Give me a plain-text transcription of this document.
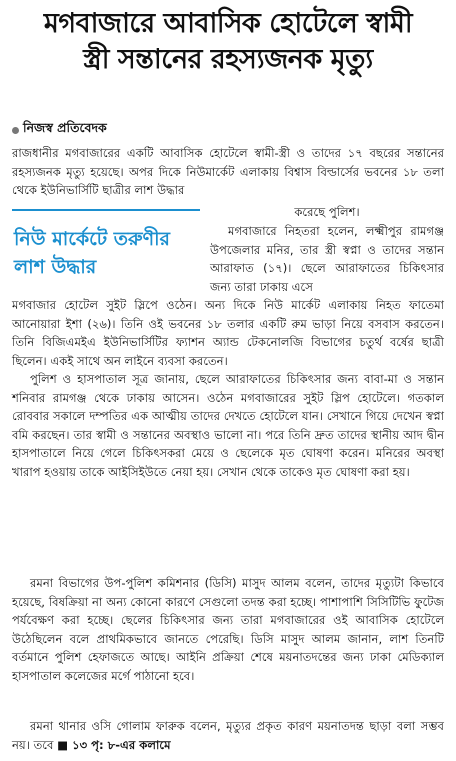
মগবাজারে আবাসিক হোটেলে স্বামী
স্ত্রী সন্তানের রহস্যজনক মৃত্যু
নিজস্ব প্রতিবেদক

রাজধানীর মগবাজারের একটি আবাসিক হোটেলে স্বামী-স্ত্রী ও তাদের ১৭ বছরের সন্তানের রহস্যজনক মৃত্যু হয়েছে। অপর দিকে নিউমার্কেট এলাকায় বিশ্বাস বিল্ডার্সের ভবনের ১৮ তলা থেকে ইউনিভার্সিটি ছাত্রীর লাশ উদ্ধার

নিউ মার্কেটে তরুণীর লাশ উদ্ধার

করেছে পুলিশ।

মগবাজারে নিহতরা হলেন, লক্ষ্মীপুর রামগঞ্জ উপজেলার মনির, তার স্ত্রী স্বপ্না ও তাদের সন্তান আরাফাত (১৭)। ছেলে আরাফাতের চিকিৎসার জন্য তারা ঢাকায় এসে

মগবাজার হোটেল সুইট স্লিপে ওঠেন। অন্য দিকে নিউ মার্কেট এলাকায় নিহত ফাতেমা আনোয়ারা ইশা (২৬)। তিনি ওই ভবনের ১৮ তলার একটি রুম ভাড়া নিয়ে বসবাস করতেন। তিনি বিজিএমইএ ইউনিভার্সিটির ফ্যাশন অ্যান্ড টেকনোলজি বিভাগের চতুর্থ বর্ষের ছাত্রী ছিলেন। একই সাথে অন লাইনে ব্যবসা করতেন।

পুলিশ ও হাসপাতাল সূত্র জানায়, ছেলে আরাফাতের চিকিৎসার জন্য বাবা-মা ও সন্তান শনিবার রামগঞ্জ থেকে ঢাকায় আসেন। ওঠেন মগবাজারের সুইট স্লিপ হোটেলে। গতকাল রোববার সকালে দম্পতির এক আত্মীয় তাদের দেখতে হোটেলে যান। সেখানে গিয়ে দেখেন স্বপ্না বমি করছেন। তার স্বামী ও সন্তানের অবস্থাও ভালো না। পরে তিনি দ্রুত তাদের স্থানীয় আদ দ্বীন হাসপাতালে নিয়ে গেলে চিকিৎসকরা মেয়ে ও ছেলেকে মৃত ঘোষণা করেন। মনিরের অবস্থা খারাপ হওয়ায় তাকে আইসিইউতে নেয়া হয়। সেখান থেকে তাকেও মৃত ঘোষণা করা হয়।

রমনা বিভাগের উপ-পুলিশ কমিশনার (ডিসি) মাসুদ আলম বলেন, তাদের মৃত্যুটা কিভাবে হয়েছে, বিষক্রিয়া না অন্য কোনো কারণে সেগুলো তদন্ত করা হচ্ছে। পাশাপাশি সিসিটিভি ফুটেজ পর্যবেক্ষণ করা হচ্ছে। ছেলের চিকিৎসার জন্য তারা মগবাজারের ওই আবাসিক হোটেলে উঠেছিলেন বলে প্রাথমিকভাবে জানতে পেরেছি। ডিসি মাসুদ আলম জানান, লাশ তিনটি বর্তমানে পুলিশ হেফাজতে আছে। আইনি প্রক্রিয়া শেষে ময়নাতদন্তের জন্য ঢাকা মেডিক্যাল হাসপাতাল কলেজের মর্গে পাঠানো হবে।

রমনা থানার ওসি গোলাম ফারুক বলেন, মৃত্যুর প্রকৃত কারণ ময়নাতদন্ত ছাড়া বলা সম্ভব নয়। তবে ■ ১৩ পৃ: ৮-এর কলামে
